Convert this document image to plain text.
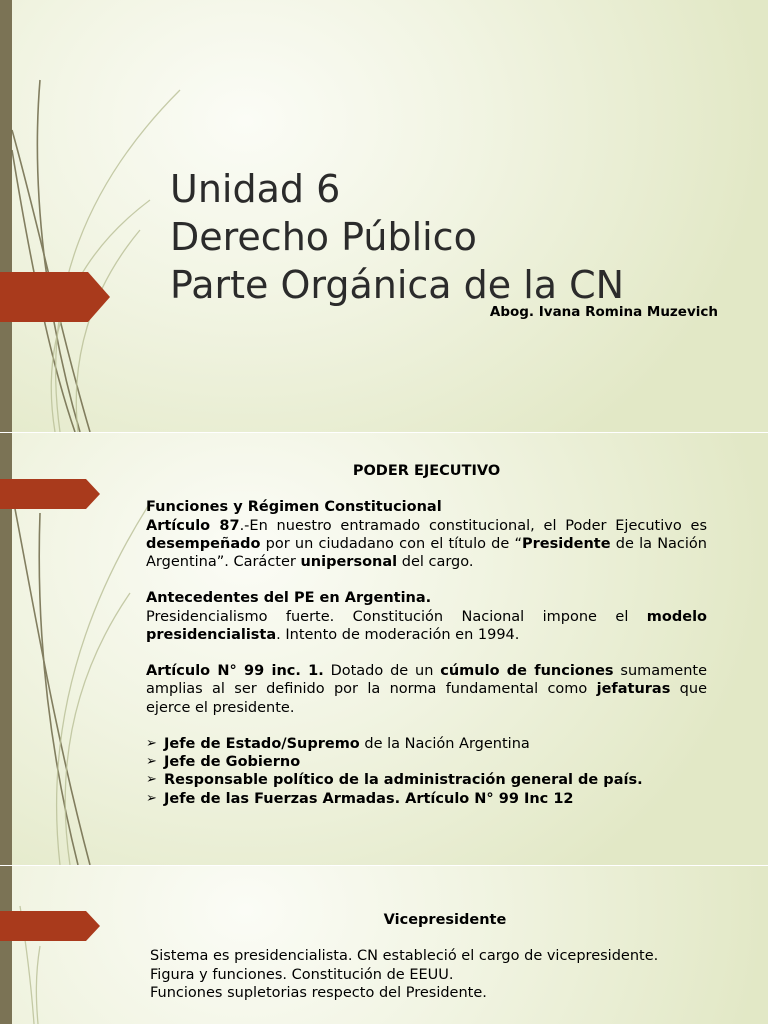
Unidad 6
Derecho Público
Parte Orgánica de la CN
Abog. Ivana Romina Muzevich

PODER EJECUTIVO

Funciones y Régimen Constitucional

Artículo 87.-En nuestro entramado constitucional, el Poder Ejecutivo es desempeñado por un ciudadano con el título de “Presidente de la Nación Argentina”. Carácter unipersonal del cargo.

Antecedentes del PE en Argentina.

Presidencialismo fuerte. Constitución Nacional impone el modelo presidencialista. Intento de moderación en 1994.

Artículo N° 99 inc. 1. Dotado de un cúmulo de funciones sumamente amplias al ser definido por la norma fundamental como jefaturas que ejerce el presidente.

➢ Jefe de Estado/Supremo de la Nación Argentina
➢ Jefe de Gobierno
➢ Responsable político de la administración general de país.
➢ Jefe de las Fuerzas Armadas. Artículo N° 99 Inc 12

Vicepresidente

Sistema es presidencialista. CN estableció el cargo de vicepresidente.

Figura y funciones. Constitución de EEUU.

Funciones supletorias respecto del Presidente.
